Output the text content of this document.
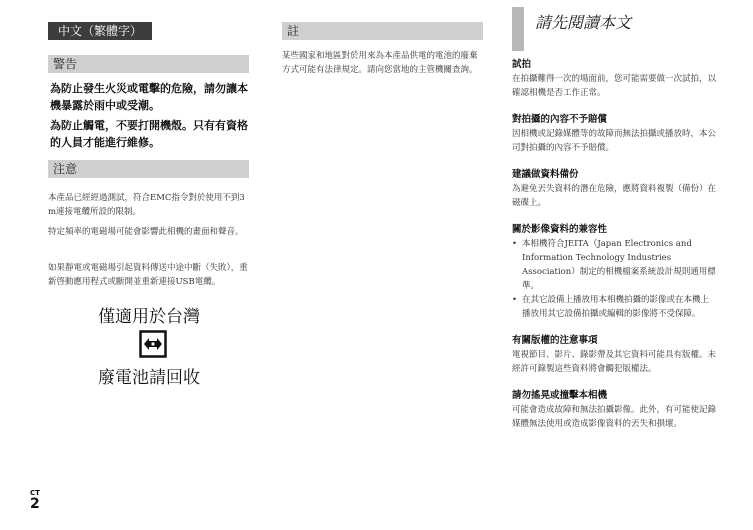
中文（繁體字）
警告

為防止發生火災或電擊的危險，請勿讓本機暴露於雨中或受潮。

為防止觸電，不要打開機殼。只有有資格的人員才能進行維修。

注意

本產品已經經過測試，符合EMC指令對於使用不到3 m連接電纜所設的限制。

特定頻率的電磁場可能會影響此相機的畫面和聲音。

如果靜電或電磁場引起資料傳送中途中斷（失敗），重新啓動應用程式或斷開並重新連接USB電纜。

僅適用於台灣
廢電池請回收
註

某些國家和地區對於用來為本產品供電的電池的廢棄方式可能有法律規定。請向您當地的主管機關查詢。

請先閱讀本文

試拍

在拍攝難得一次的場面前，您可能需要做一次試拍，以確認相機是否工作正常。

對拍攝的內容不予賠償

因相機或記錄媒體等的故障而無法拍攝或播放時，本公司對拍攝的內容不予賠償。

建議做資料備份

為避免丟失資料的潛在危險，應將資料複製（備份）在磁碟上。

關於影像資料的兼容性

• 本相機符合JEITA（Japan Electronics and Information Technology Industries Association）制定的相機檔案系統設計規則通用標準。

• 在其它設備上播放用本相機拍攝的影像或在本機上播放用其它設備拍攝或編輯的影像將不受保障。

有關版權的注意事項

電視節目、影片、錄影帶及其它資料可能具有版權。未經許可錄製這些資料將會觸犯版權法。

請勿搖晃或撞擊本相機

可能會造成故障和無法拍攝影像。此外，有可能使記錄媒體無法使用或造成影像資料的丟失和損壞。

CT
2
